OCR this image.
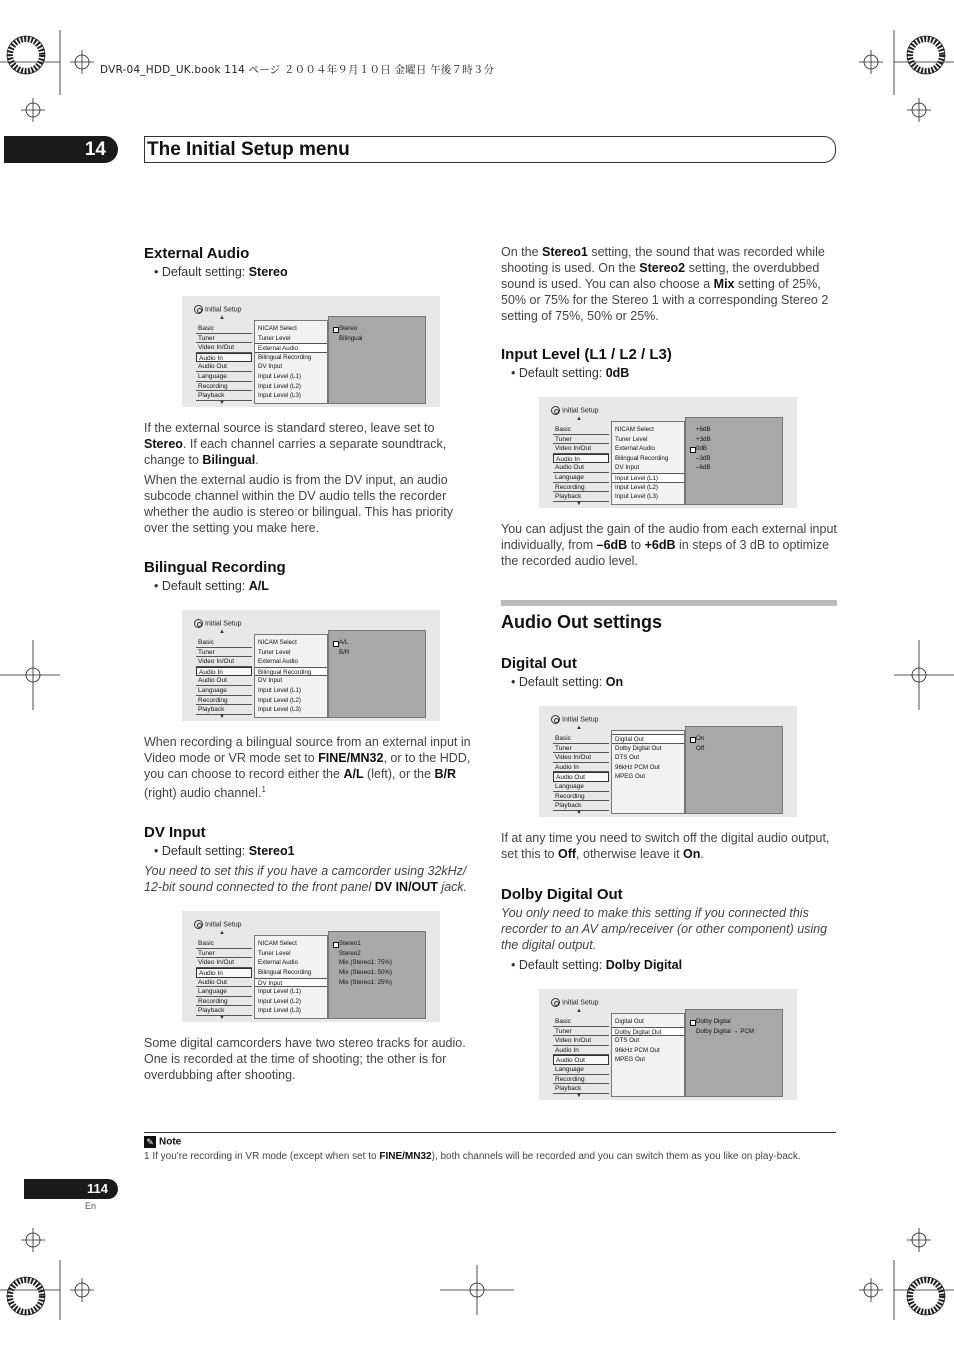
DVR-04_HDD_UK.book 114 ページ ２００４年９月１０日 金曜日 午後７時３分
14	The Initial Setup menu
External Audio
• Default setting: Stereo
Initial Setup
▲
Basic
Tuner
Video In/Out
Audio In
Audio Out
Language
Recording
Playback
▼
NICAM Select
Tuner Level
External Audio
Bilingual Recording
DV Input
Input Level (L1)
Input Level (L2)
Input Level (L3)
Stereo
Bilingual

If the external source is standard stereo, leave set to Stereo. If each channel carries a separate soundtrack, change to Bilingual.

When the external audio is from the DV input, an audio subcode channel within the DV audio tells the recorder whether the audio is stereo or bilingual. This has priority over the setting you make here.

Bilingual Recording
• Default setting: A/L
Initial Setup
▲
Basic
Tuner
Video In/Out
Audio In
Audio Out
Language
Recording
Playback
▼
NICAM Select
Tuner Level
External Audio
Bilingual Recording
DV Input
Input Level (L1)
Input Level (L2)
Input Level (L3)
A/L
B/R

When recording a bilingual source from an external input in Video mode or VR mode set to FINE/MN32, or to the HDD, you can choose to record either the A/L (left), or the B/R (right) audio channel.$^1$

DV Input
• Default setting: Stereo1

You need to set this if you have a camcorder using 32kHz/ 12-bit sound connected to the front panel DV IN/OUT jack.

Initial Setup
▲
Basic
Tuner
Video In/Out
Audio In
Audio Out
Language
Recording
Playback
▼
NICAM Select
Tuner Level
External Audio
Bilingual Recording
DV Input
Input Level (L1)
Input Level (L2)
Input Level (L3)
Stereo1
Stereo2
Mix (Stereo1: 75%)
Mix (Stereo1: 50%)
Mix (Stereo1: 25%)

Some digital camcorders have two stereo tracks for audio. One is recorded at the time of shooting; the other is for overdubbing after shooting.

On the Stereo1 setting, the sound that was recorded while shooting is used. On the Stereo2 setting, the overdubbed sound is used. You can also choose a Mix setting of 25%, 50% or 75% for the Stereo 1 with a corresponding Stereo 2 setting of 75%, 50% or 25%.

Input Level (L1 / L2 / L3)
• Default setting: 0dB
Initial Setup
▲
Basic
Tuner
Video In/Out
Audio In
Audio Out
Language
Recording
Playback
▼
NICAM Select
Tuner Level
External Audio
Bilingual Recording
DV Input
Input Level (L1)
Input Level (L2)
Input Level (L3)
+6dB
+3dB
0dB
–3dB
–6dB

You can adjust the gain of the audio from each external input individually, from –6dB to +6dB in steps of 3 dB to optimize the recorded audio level.

Audio Out settings
Digital Out
• Default setting: On
Initial Setup
▲
Basic
Tuner
Video In/Out
Audio In
Audio Out
Language
Recording
Playback
▼
Digital Out
Dolby Digital Out
DTS Out
96kHz PCM Out
MPEG Out
On
Off

If at any time you need to switch off the digital audio output, set this to Off, otherwise leave it On.

Dolby Digital Out

You only need to make this setting if you connected this recorder to an AV amp/receiver (or other component) using the digital output.

• Default setting: Dolby Digital
Initial Setup
▲
Basic
Tuner
Video In/Out
Audio In
Audio Out
Language
Recording
Playback
▼
Digital Out
Dolby Digital Out
DTS Out
96kHz PCM Out
MPEG Out
Dolby Digital
Dolby Digital → PCM
✎ Note
1 If you're recording in VR mode (except when set to FINE/MN32), both channels will be recorded and you can switch them as you like on play-back.
114
En
